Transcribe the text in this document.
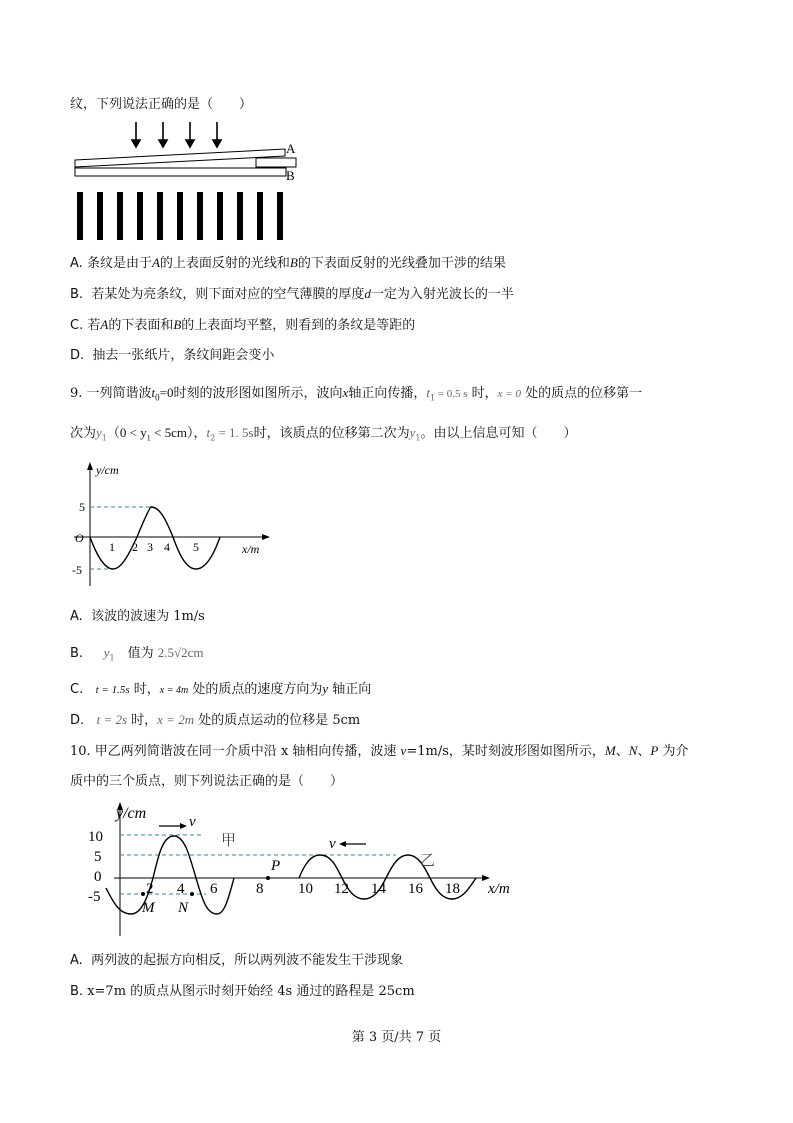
纹，下列说法正确的是（　　）
A
B
A. 条纹是由于A的上表面反射的光线和B的下表面反射的光线叠加干涉的结果
B. 若某处为亮条纹，则下面对应的空气薄膜的厚度d一定为入射光波长的一半
C. 若A的下表面和B的上表面均平整，则看到的条纹是等距的
D. 抽去一张纸片，条纹间距会变小
9. 一列简谐波$t_0=0$时刻的波形图如图所示，波向x轴正向传播，$t_1 = 0.5$ s 时，x = 0 处的质点的位移第一
次为$y_1(0 < y_1 < 5cm)$，$t_2 = 1$. 5s时，该质点的位移第二次为$y_1$。由以上信息可知（　　）
y/cm
x/m
O
5
-5
1 2 3 4 5
A. 该波的波速为 1m/s
B. $y_1$　值为 2.5√2cm
C. t = 1.5s 时，x = 4m 处的质点的速度方向为y 轴正向
D. t = 2s 时，x = 2m 处的质点运动的位移是 5cm
10. 甲乙两列简谐波在同一介质中沿 x 轴相向传播，波速 v=1m/s，某时刻波形图如图所示，M、N、P 为介
质中的三个质点，则下列说法正确的是（　　）
y/cm
x/m
10
5
0
-5
v
v
甲
乙
2 4 6	8 10 12 14 16 18
M N
P
A. 两列波的起振方向相反，所以两列波不能发生干涉现象
B. x=7m 的质点从图示时刻开始经 4s 通过的路程是 25cm
第 3 页/共 7 页
